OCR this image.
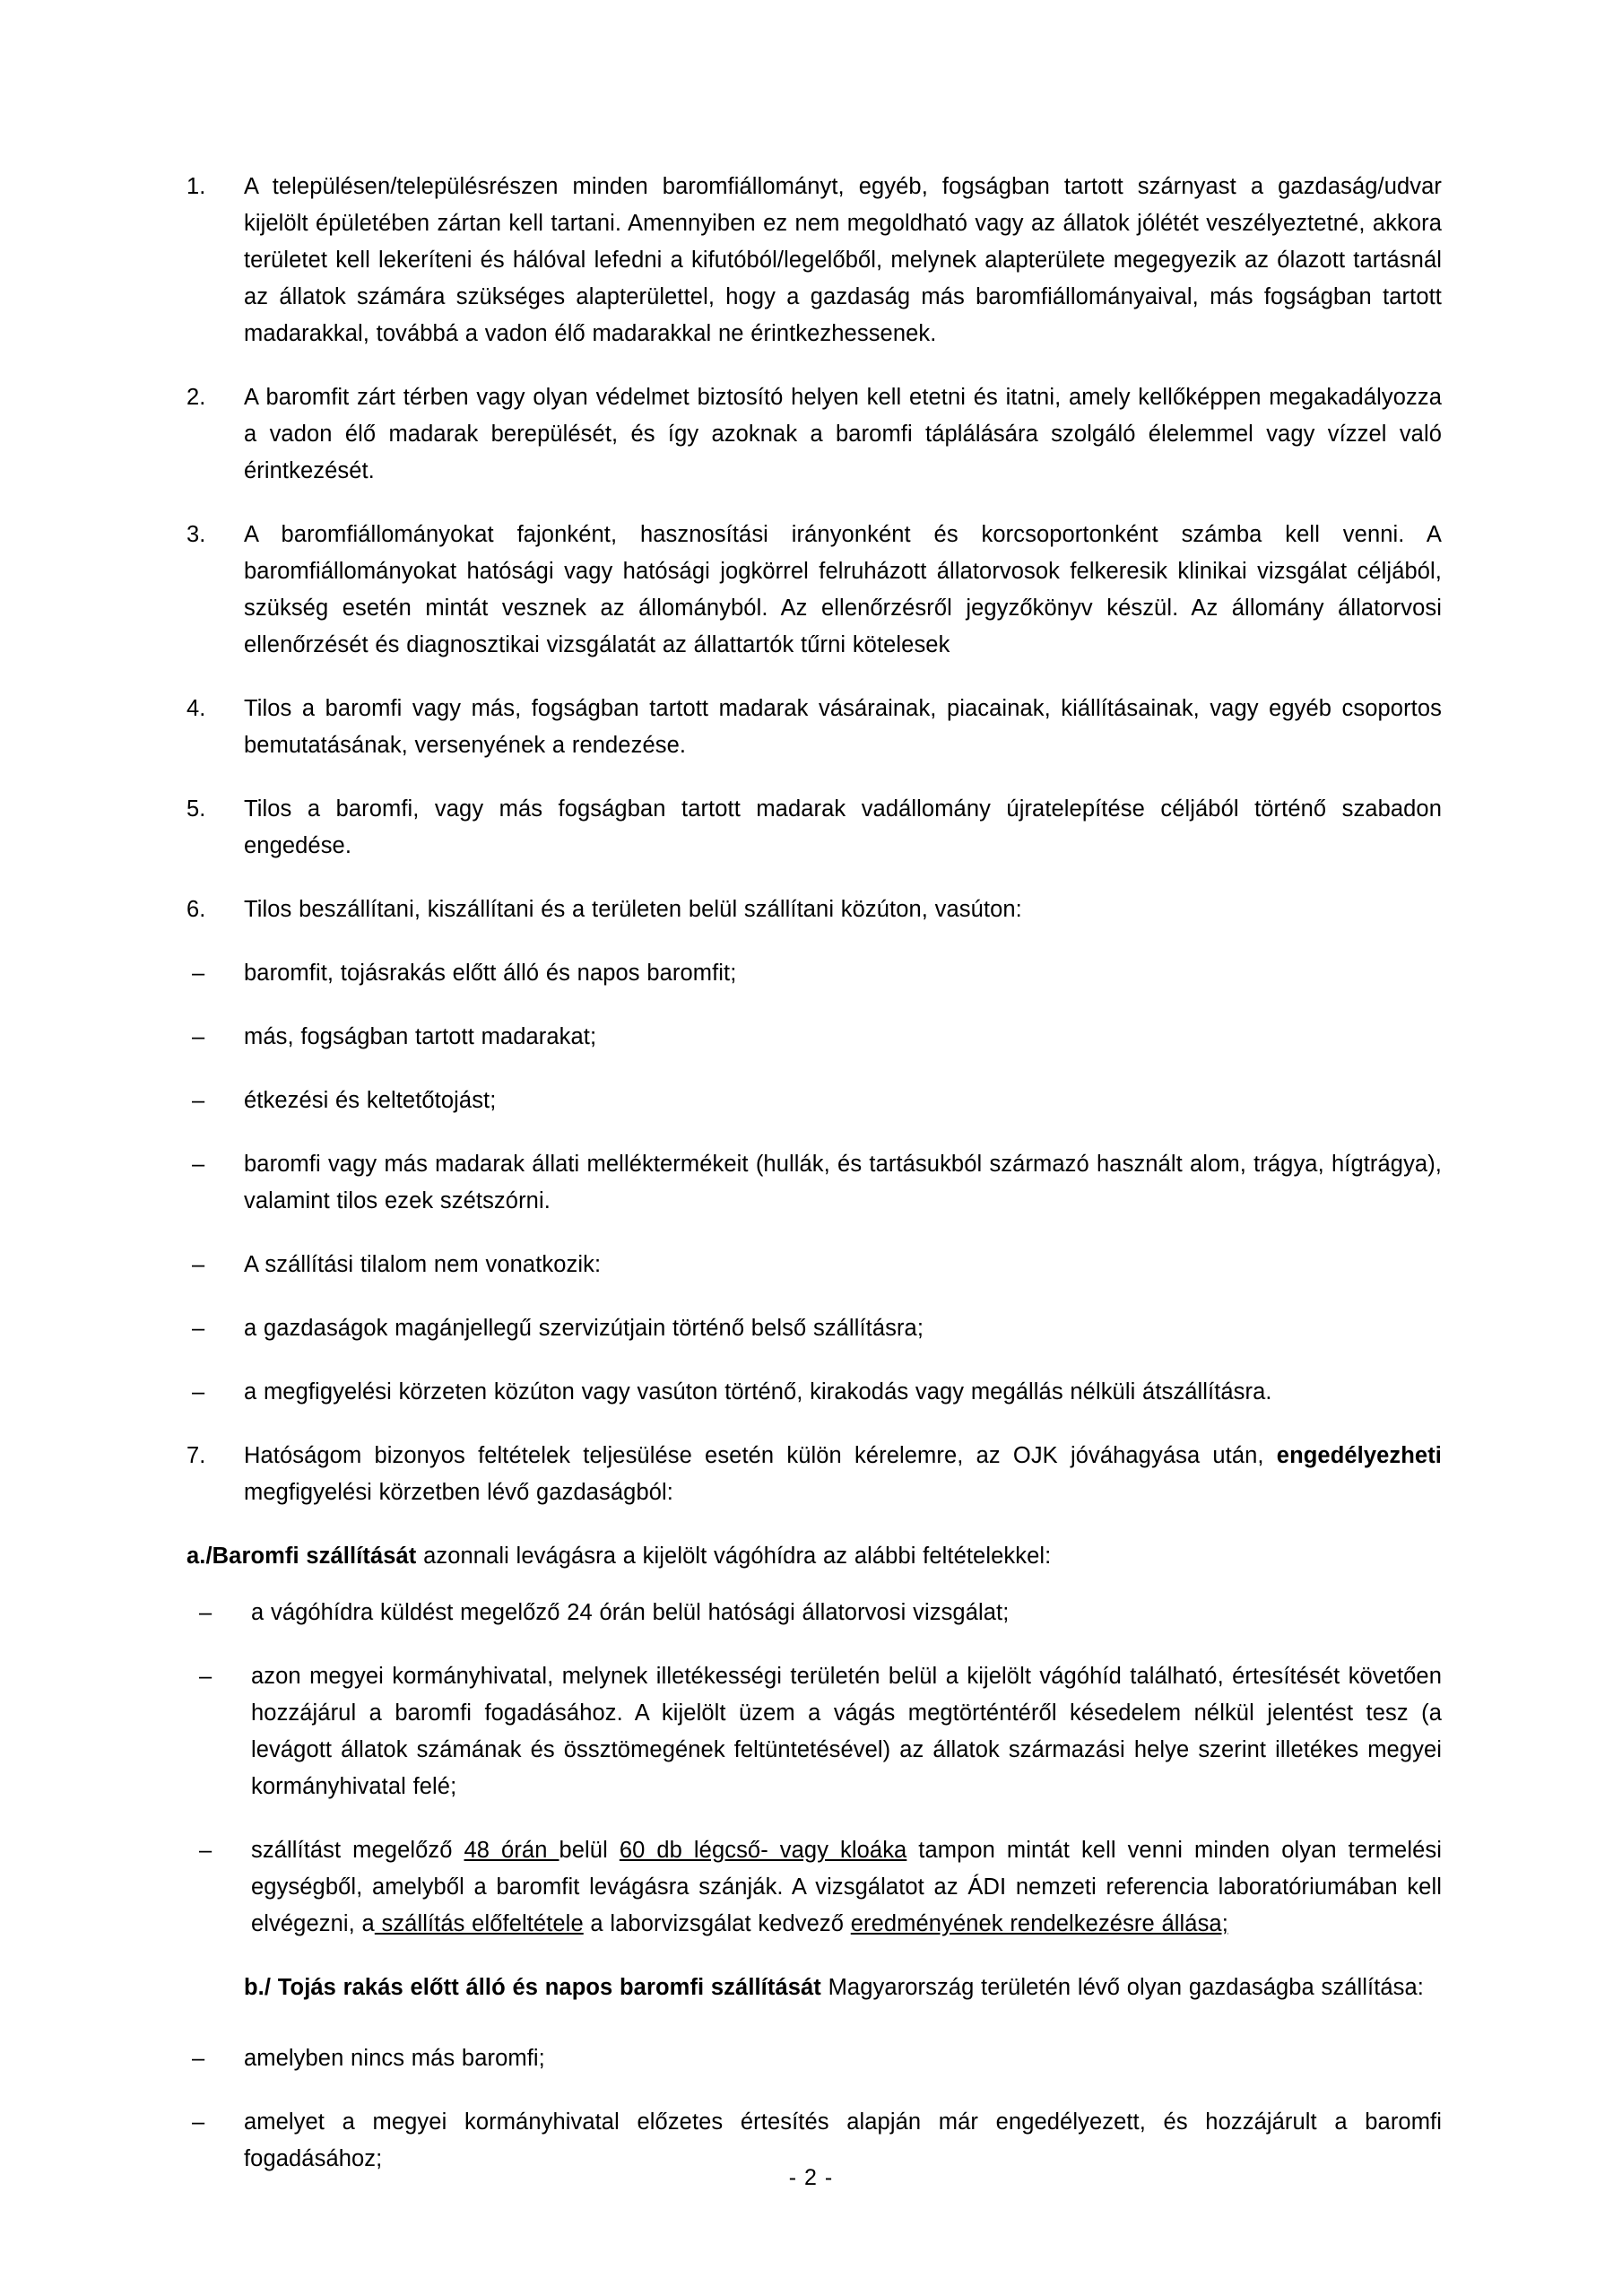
1.	A településen/településrészen minden baromfiállományt, egyéb, fogságban tartott szárnyast a gazdaság/udvar kijelölt épületében zártan kell tartani. Amennyiben ez nem megoldható vagy az állatok jólétét veszélyeztetné, akkora területet kell lekeríteni és hálóval lefedni a kifutóból/legelőből, melynek alapterülete megegyezik az ólazott tartásnál az állatok számára szükséges alapterülettel, hogy a gazdaság más baromfiállományaival, más fogságban tartott madarakkal, továbbá a vadon élő madarakkal ne érintkezhessenek.
2.	A baromfit zárt térben vagy olyan védelmet biztosító helyen kell etetni és itatni, amely kellőképpen megakadályozza a vadon élő madarak berepülését, és így azoknak a baromfi táplálására szolgáló élelemmel vagy vízzel való érintkezését.
3.	A baromfiállományokat fajonként, hasznosítási irányonként és korcsoportonként számba kell venni. A baromfiállományokat hatósági vagy hatósági jogkörrel felruházott állatorvosok felkeresik klinikai vizsgálat céljából, szükség esetén mintát vesznek az állományból. Az ellenőrzésről jegyzőkönyv készül. Az állomány állatorvosi ellenőrzését és diagnosztikai vizsgálatát az állattartók tűrni kötelesek
4.	Tilos a baromfi vagy más, fogságban tartott madarak vásárainak, piacainak, kiállításainak, vagy egyéb csoportos bemutatásának, versenyének a rendezése.
5.	Tilos a baromfi, vagy más fogságban tartott madarak vadállomány újratelepítése céljából történő szabadon engedése.
6.	Tilos beszállítani, kiszállítani és a területen belül szállítani közúton, vasúton:
– baromfit, tojásrakás előtt álló és napos baromfit;
– más, fogságban tartott madarakat;
– étkezési és keltetőtojást;
– baromfi vagy más madarak állati melléktermékeit (hullák, és tartásukból származó használt alom, trágya, hígtrágya), valamint tilos ezek szétszórni.
– A szállítási tilalom nem vonatkozik:
– a gazdaságok magánjellegű szervizútjain történő belső szállításra;
– a megfigyelési körzeten közúton vagy vasúton történő, kirakodás vagy megállás nélküli átszállításra.
7.	Hatóságom bizonyos feltételek teljesülése esetén külön kérelemre, az OJK jóváhagyása után, engedélyezheti megfigyelési körzetben lévő gazdaságból:
a./Baromfi szállítását azonnali levágásra a kijelölt vágóhídra az alábbi feltételekkel:
– a vágóhídra küldést megelőző 24 órán belül hatósági állatorvosi vizsgálat;
– azon megyei kormányhivatal, melynek illetékességi területén belül a kijelölt vágóhíd található, értesítését követően hozzájárul a baromfi fogadásához. A kijelölt üzem a vágás megtörténtéről késedelem nélkül jelentést tesz (a levágott állatok számának és össztömegének feltüntetésével) az állatok származási helye szerint illetékes megyei kormányhivatal felé;
– szállítást megelőző 48 órán belül 60 db légcső- vagy kloáka tampon mintát kell venni minden olyan termelési egységből, amelyből a baromfit levágásra szánják. A vizsgálatot az ÁDI nemzeti referencia laboratóriumában kell elvégezni, a szállítás előfeltétele a laborvizsgálat kedvező eredményének rendelkezésre állása;
b./ Tojás rakás előtt álló és napos baromfi szállítását Magyarország területén lévő olyan gazdaságba szállítása:
– amelyben nincs más baromfi;
– amelyet a megyei kormányhivatal előzetes értesítés alapján már engedélyezett, és hozzájárult a baromfi fogadásához;
- 2 -
